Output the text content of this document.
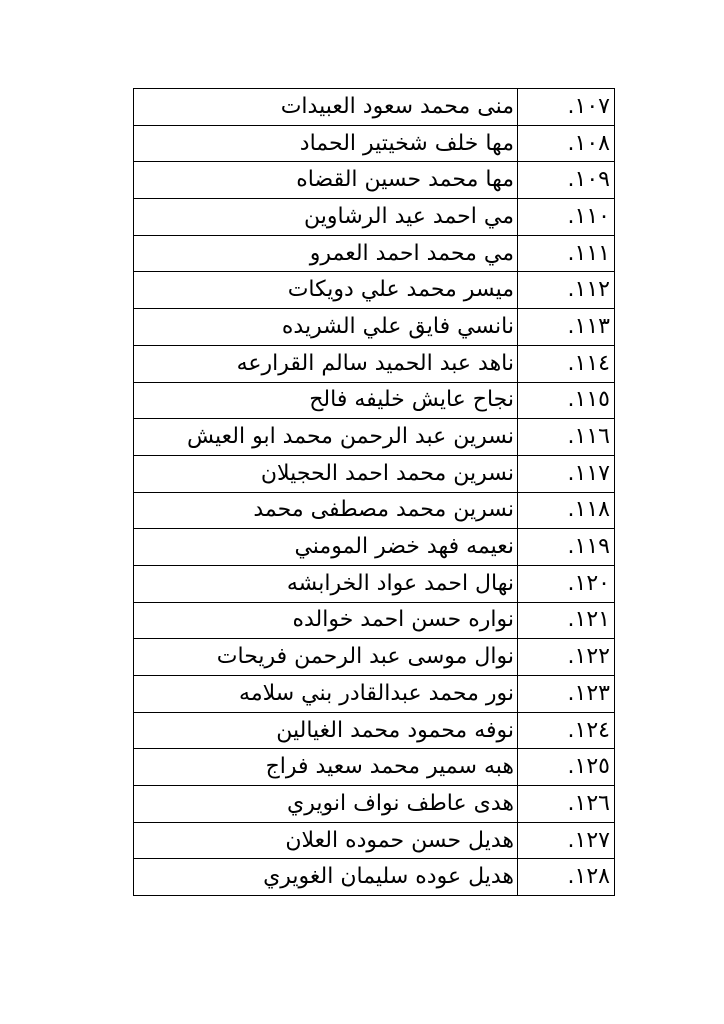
١٠٧.	منى محمد سعود العبيدات
١٠٨.	مها خلف شخيتير الحماد
١٠٩.	مها محمد حسين القضاه
١١٠.	مي احمد عيد الرشاوين
١١١.	مي محمد احمد العمرو
١١٢.	ميسر محمد علي دويكات
١١٣.	نانسي فايق علي الشريده
١١٤.	ناهد عبد الحميد سالم القرارعه
١١٥.	نجاح عايش خليفه فالح
١١٦.	نسرين عبد الرحمن محمد ابو العيش
١١٧.	نسرين محمد احمد الحجيلان
١١٨.	نسرين محمد مصطفى محمد
١١٩.	نعيمه فهد خضر المومني
١٢٠.	نهال احمد عواد الخرابشه
١٢١.	نواره حسن احمد خوالده
١٢٢.	نوال موسى عبد الرحمن فريحات
١٢٣.	نور محمد عبدالقادر بني سلامه
١٢٤.	نوفه محمود محمد الغيالين
١٢٥.	هبه سمير محمد سعيد فراج
١٢٦.	هدى عاطف نواف انويري
١٢٧.	هديل حسن حموده العلان
١٢٨.	هديل عوده سليمان الغويري
